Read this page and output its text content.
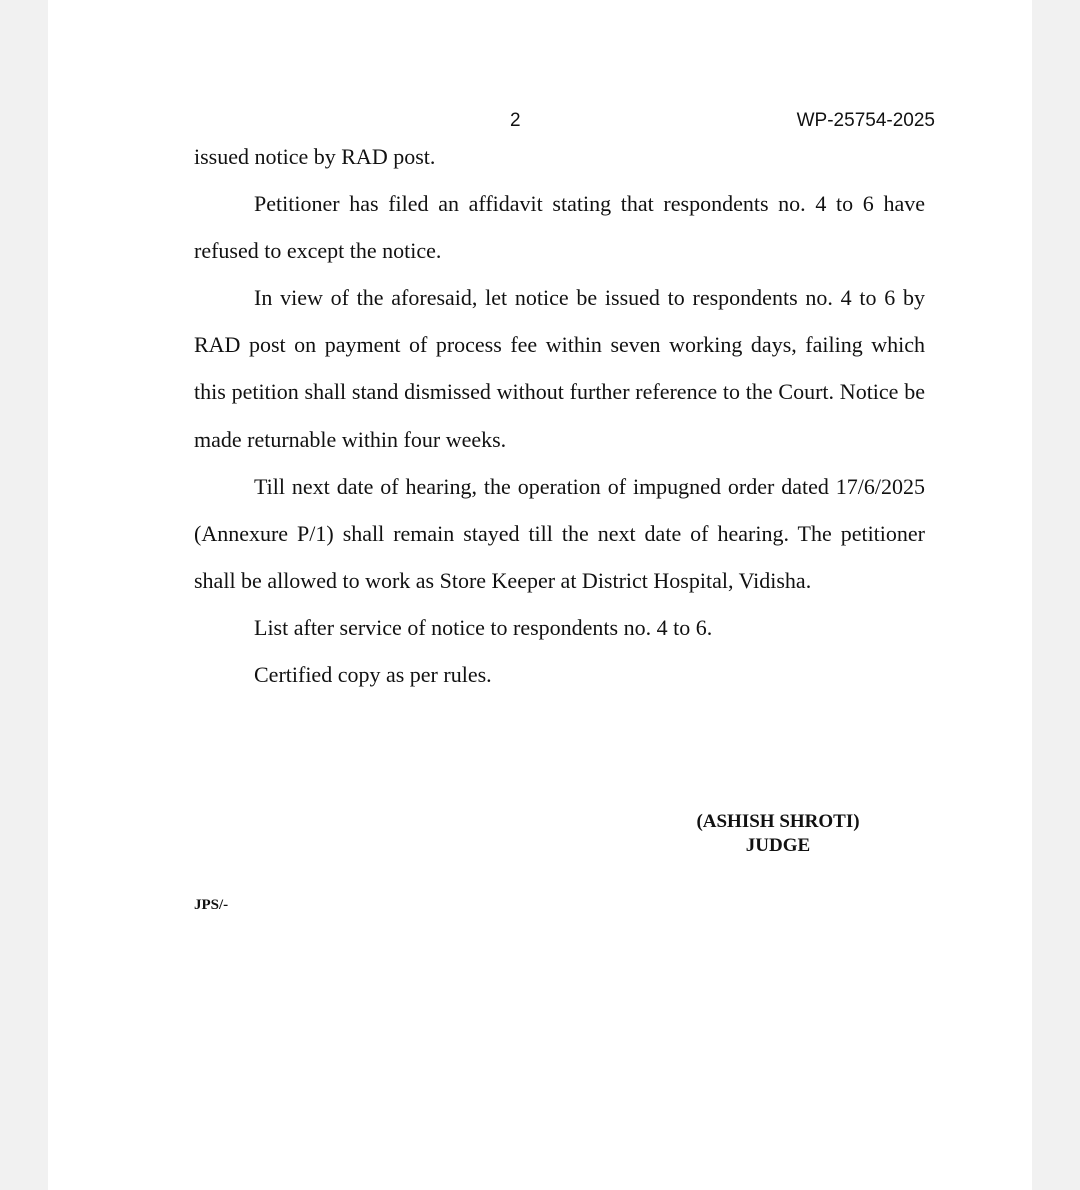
2	WP-25754-2025

issued notice by RAD post.

Petitioner has filed an affidavit stating that respondents no. 4 to 6 have refused to except the notice.

In view of the aforesaid, let notice be issued to respondents no. 4 to 6 by RAD post on payment of process fee within seven working days, failing which this petition shall stand dismissed without further reference to the Court. Notice be made returnable within four weeks.

Till next date of hearing, the operation of impugned order dated 17/6/2025 (Annexure P/1) shall remain stayed till the next date of hearing. The petitioner shall be allowed to work as Store Keeper at District Hospital, Vidisha.

List after service of notice to respondents no. 4 to 6.

Certified copy as per rules.

(ASHISH SHROTI)
JUDGE
JPS/-
